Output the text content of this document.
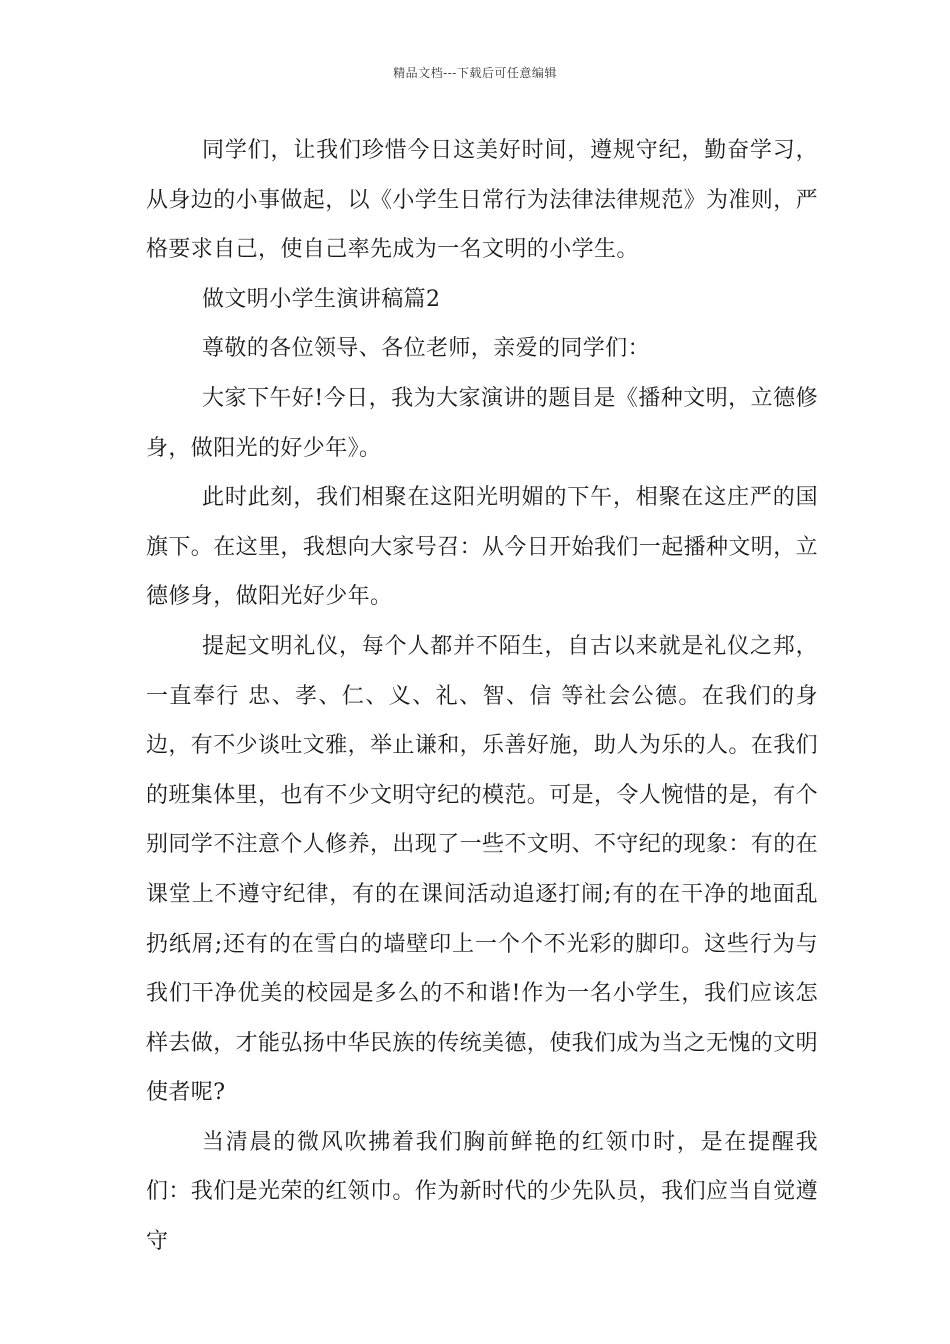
精品文档---下载后可任意编辑

同学们，让我们珍惜今日这美好时间，遵规守纪，勤奋学习，从身边的小事做起，以《小学生日常行为法律法律规范》为准则，严格要求自己，使自己率先成为一名文明的小学生。

做文明小学生演讲稿篇2

尊敬的各位领导、各位老师，亲爱的同学们：

大家下午好!今日，我为大家演讲的题目是《播种文明，立德修身，做阳光的好少年》。

此时此刻，我们相聚在这阳光明媚的下午，相聚在这庄严的国旗下。在这里，我想向大家号召：从今日开始我们一起播种文明，立德修身，做阳光好少年。

提起文明礼仪，每个人都并不陌生，自古以来就是礼仪之邦，一直奉行 忠、孝、仁、义、礼、智、信 等社会公德。在我们的身边，有不少谈吐文雅，举止谦和，乐善好施，助人为乐的人。在我们的班集体里，也有不少文明守纪的模范。可是，令人惋惜的是，有个别同学不注意个人修养，出现了一些不文明、不守纪的现象：有的在课堂上不遵守纪律，有的在课间活动追逐打闹;有的在干净的地面乱扔纸屑;还有的在雪白的墙壁印上一个个不光彩的脚印。这些行为与我们干净优美的校园是多么的不和谐!作为一名小学生，我们应该怎样去做，才能弘扬中华民族的传统美德，使我们成为当之无愧的文明使者呢?

当清晨的微风吹拂着我们胸前鲜艳的红领巾时，是在提醒我们：我们是光荣的红领巾。作为新时代的少先队员，我们应当自觉遵守
